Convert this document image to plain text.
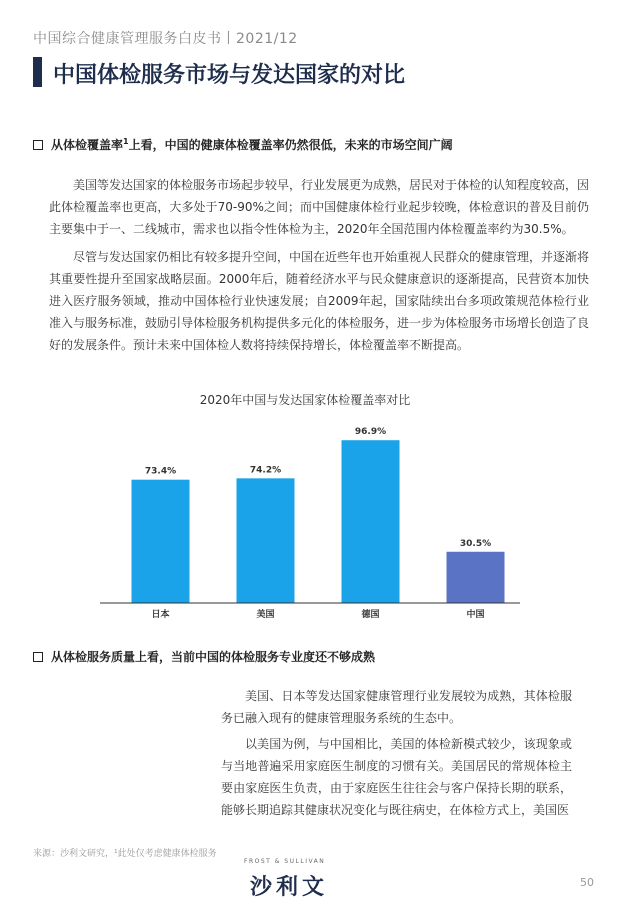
中国综合健康管理服务白皮书丨2021/12
中国体检服务市场与发达国家的对比
从体检覆盖率$^1$上看，中国的健康体检覆盖率仍然很低，未来的市场空间广阔
美国等发达国家的体检服务市场起步较早，行业发展更为成熟，居民对于体检的认知程度较高，因此体检覆盖率也更高，大多处于70-90%之间；而中国健康体检行业起步较晚，体检意识的普及目前仍主要集中于一、二线城市，需求也以指令性体检为主，2020年全国范围内体检覆盖率约为30.5%。
尽管与发达国家仍相比有较多提升空间，中国在近些年也开始重视人民群众的健康管理，并逐渐将其重要性提升至国家战略层面。2000年后，随着经济水平与民众健康意识的逐渐提高，民营资本加快进入医疗服务领域，推动中国体检行业快速发展；自2009年起，国家陆续出台多项政策规范体检行业准入与服务标准，鼓励引导体检服务机构提供多元化的体检服务，进一步为体检服务市场增长创造了良好的发展条件。预计未来中国体检人数将持续保持增长，体检覆盖率不断提高。
2020年中国与发达国家体检覆盖率对比
73.4%	74.2%
96.9%
30.5%
日本	美国	德国	中国
从体检服务质量上看，当前中国的体检服务专业度还不够成熟
美国、日本等发达国家健康管理行业发展较为成熟，其体检服务已融入现有的健康管理服务系统的生态中。
以美国为例，与中国相比，美国的体检新模式较少，该现象或与当地普遍采用家庭医生制度的习惯有关。美国居民的常规体检主要由家庭医生负责，由于家庭医生往往会与客户保持长期的联系，能够长期追踪其健康状况变化与既往病史，在体检方式上，美国医
来源：沙利文研究，¹此处仅考虑健康体检服务
FROST & SULLIVAN
沙利文	50
